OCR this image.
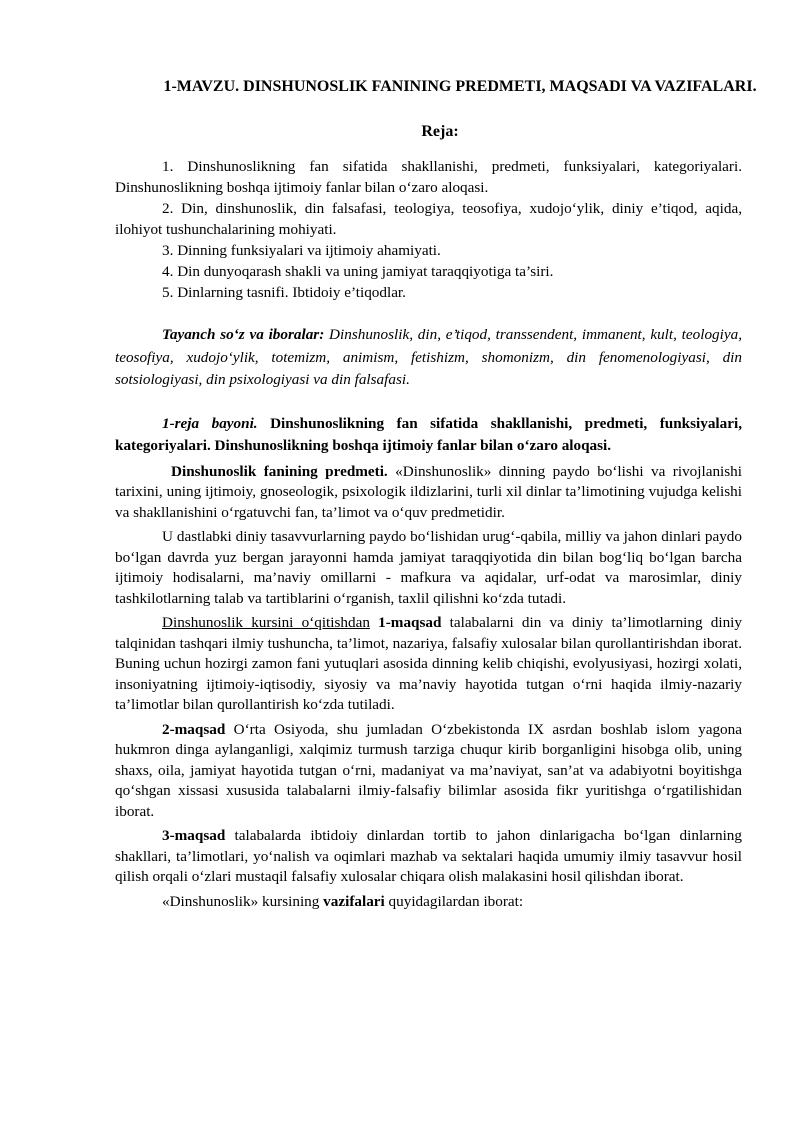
1-MAVZU. DINSHUNOSLIK FANINING PREDMETI, MAQSADI VA VAZIFALARI.
Reja:

1. Dinshunoslikning fan sifatida shakllanishi, predmeti, funksiyalari, kategoriyalari. Dinshunoslikning boshqa ijtimoiy fanlar bilan o‘zaro aloqasi.

2. Din, dinshunoslik, din falsafasi, teologiya, teosofiya, xudojo‘ylik, diniy e’tiqod, aqida, ilohiyot tushunchalarining mohiyati.

3. Dinning funksiyalari va ijtimoiy ahamiyati.

4. Din dunyoqarash shakli va uning jamiyat taraqqiyotiga ta’siri.

5. Dinlarning tasnifi. Ibtidoiy e’tiqodlar.

Tayanch so‘z va iboralar: Dinshunoslik, din, e’tiqod, transsendent, immanent, kult, teologiya, teosofiya, xudojo‘ylik, totemizm, animism, fetishizm, shomonizm, din fenomenologiyasi, din sotsiologiyasi, din psixologiyasi va din falsafasi.

1-reja bayoni. Dinshunoslikning fan sifatida shakllanishi, predmeti, funksiyalari, kategoriyalari. Dinshunoslikning boshqa ijtimoiy fanlar bilan o‘zaro aloqasi.

Dinshunoslik fanining predmeti. «Dinshunoslik» dinning paydo bo‘lishi va rivojlanishi tarixini, uning ijtimoiy, gnoseologik, psixologik ildizlarini, turli xil dinlar ta’limotining vujudga kelishi va shakllanishini o‘rgatuvchi fan, ta’limot va o‘quv predmetidir.

U dastlabki diniy tasavvurlarning paydo bo‘lishidan urug‘-qabila, milliy va jahon dinlari paydo bo‘lgan davrda yuz bergan jarayonni hamda jamiyat taraqqiyotida din bilan bog‘liq bo‘lgan barcha ijtimoiy hodisalarni, ma’naviy omillarni - mafkura va aqidalar, urf-odat va marosimlar, diniy tashkilotlarning talab va tartiblarini o‘rganish, taxlil qilishni ko‘zda tutadi.

Dinshunoslik kursini o‘qitishdan 1-maqsad talabalarni din va diniy ta’limotlarning diniy talqinidan tashqari ilmiy tushuncha, ta’limot, nazariya, falsafiy xulosalar bilan qurollantirishdan iborat. Buning uchun hozirgi zamon fani yutuqlari asosida dinning kelib chiqishi, evolyusiyasi, hozirgi xolati, insoniyatning ijtimoiy-iqtisodiy, siyosiy va ma’naviy hayotida tutgan o‘rni haqida ilmiy-nazariy ta’limotlar bilan qurollantirish ko‘zda tutiladi.

2-maqsad O‘rta Osiyoda, shu jumladan O‘zbekistonda IX asrdan boshlab islom yagona hukmron dinga aylanganligi, xalqimiz turmush tarziga chuqur kirib borganligini hisobga olib, uning shaxs, oila, jamiyat hayotida tutgan o‘rni, madaniyat va ma’naviyat, san’at va adabiyotni boyitishga qo‘shgan xissasi xususida talabalarni ilmiy-falsafiy bilimlar asosida fikr yuritishga o‘rgatilishidan iborat.

3-maqsad talabalarda ibtidoiy dinlardan tortib to jahon dinlarigacha bo‘lgan dinlarning shakllari, ta’limotlari, yo‘nalish va oqimlari mazhab va sektalari haqida umumiy ilmiy tasavvur hosil qilish orqali o‘zlari mustaqil falsafiy xulosalar chiqara olish malakasini hosil qilishdan iborat.

«Dinshunoslik» kursining vazifalari quyidagilardan iborat:
